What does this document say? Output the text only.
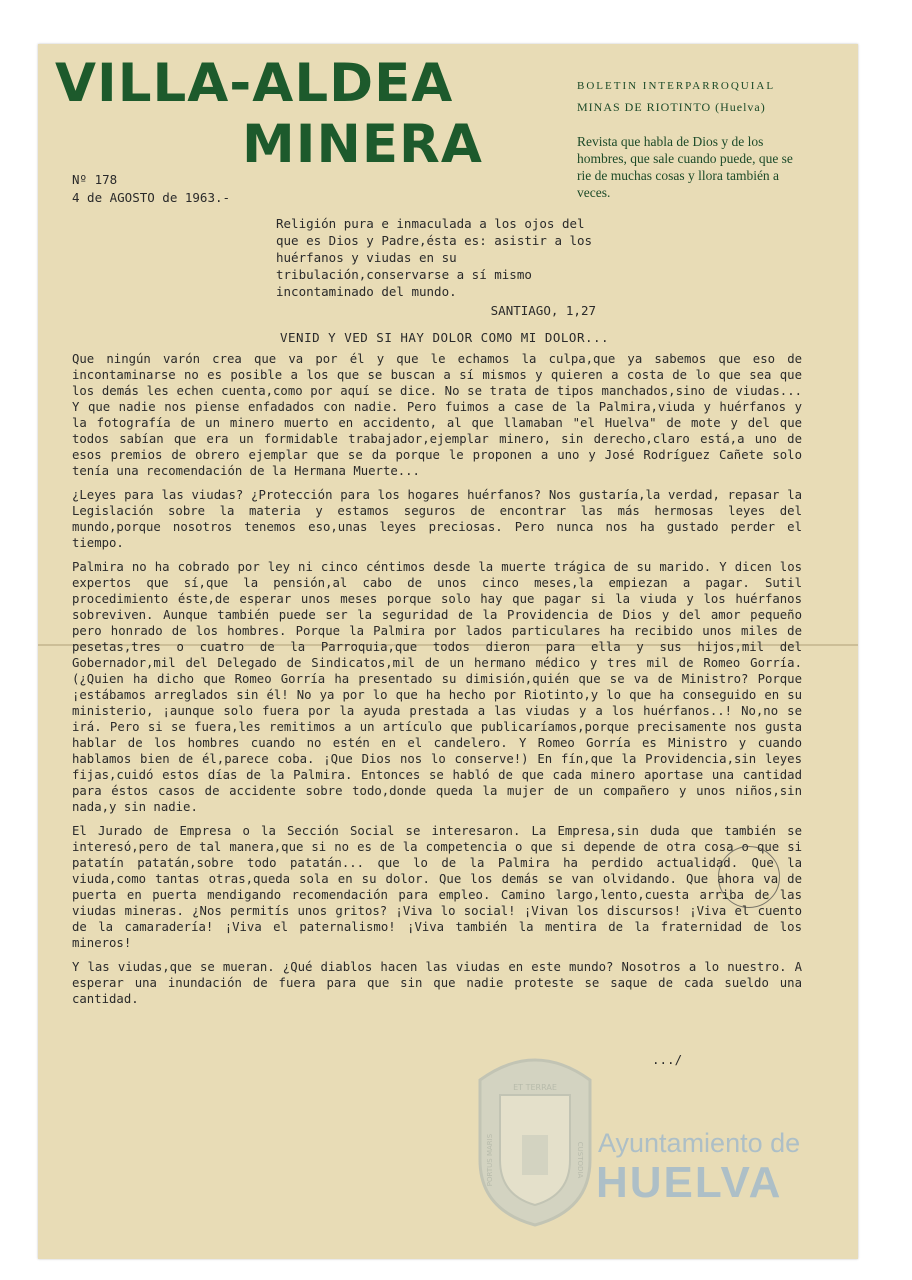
VILLA-ALDEA
MINERA
BOLETIN INTERPARROQUIAL
MINAS DE RIOTINTO (Huelva)
Revista que habla de Dios y de los hombres, que sale cuando puede, que se rie de muchas cosas y llora también a veces.
Nº 178
4 de AGOSTO de 1963.-
Religión pura e inmaculada a los ojos del que es Dios y Padre,ésta es: asistir a los huérfanos y viudas en su tribulación,conservarse a sí mismo incontaminado del mundo.
SANTIAGO, 1,27
VENID Y VED SI HAY DOLOR COMO MI DOLOR...

Que ningún varón crea que va por él y que le echamos la culpa,que ya sabemos que eso de incontaminarse no es posible a los que se buscan a sí mismos y quieren a costa de lo que sea que los demás les echen cuenta,como por aquí se dice. No se trata de tipos manchados,sino de viudas... Y que nadie nos piense enfadados con nadie. Pero fuimos a case de la Palmira,viuda y huérfanos y la fotografía de un minero muerto en accidento, al que llamaban "el Huelva" de mote y del que todos sabían que era un formidable trabajador,ejemplar minero, sin derecho,claro está,a uno de esos premios de obrero ejemplar que se da porque le proponen a uno y José Rodríguez Cañete solo tenía una recomendación de la Hermana Muerte...

¿Leyes para las viudas? ¿Protección para los hogares huérfanos? Nos gustaría,la verdad, repasar la Legislación sobre la materia y estamos seguros de encontrar las más hermosas leyes del mundo,porque nosotros tenemos eso,unas leyes preciosas. Pero nunca nos ha gustado perder el tiempo.

Palmira no ha cobrado por ley ni cinco céntimos desde la muerte trágica de su marido. Y dicen los expertos que sí,que la pensión,al cabo de unos cinco meses,la empiezan a pagar. Sutil procedimiento éste,de esperar unos meses porque solo hay que pagar si la viuda y los huérfanos sobreviven. Aunque también puede ser la seguridad de la Providencia de Dios y del amor pequeño pero honrado de los hombres. Porque la Palmira por lados particulares ha recibido unos miles de pesetas,tres o cuatro de la Parroquia,que todos dieron para ella y sus hijos,mil del Gobernador,mil del Delegado de Sindicatos,mil de un hermano médico y tres mil de Romeo Gorría. (¿Quien ha dicho que Romeo Gorría ha presentado su dimisión,quién que se va de Ministro? Porque ¡estábamos arreglados sin él! No ya por lo que ha hecho por Riotinto,y lo que ha conseguido en su ministerio, ¡aunque solo fuera por la ayuda prestada a las viudas y a los huérfanos..! No,no se irá. Pero si se fuera,les remitimos a un artículo que publicaríamos,porque precisamente nos gusta hablar de los hombres cuando no estén en el candelero. Y Romeo Gorría es Ministro y cuando hablamos bien de él,parece coba. ¡Que Dios nos lo conserve!) En fín,que la Providencia,sin leyes fijas,cuidó estos días de la Palmira. Entonces se habló de que cada minero aportase una cantidad para éstos casos de accidente sobre todo,donde queda la mujer de un compañero y unos niños,sin nada,y sin nadie.

El Jurado de Empresa o la Sección Social se interesaron. La Empresa,sin duda que también se interesó,pero de tal manera,que si no es de la competencia o que si depende de otra cosa o que si patatín patatán,sobre todo patatán... que lo de la Palmira ha perdido actualidad. Que la viuda,como tantas otras,queda sola en su dolor. Que los demás se van olvidando. Que ahora va de puerta en puerta mendigando recomendación para empleo. Camino largo,lento,cuesta arriba de las viudas mineras. ¿Nos permitís unos gritos? ¡Viva lo social! ¡Vivan los discursos! ¡Viva el cuento de la camaradería! ¡Viva el paternalismo! ¡Viva también la mentira de la fraternidad de los mineros!

Y las viudas,que se mueran. ¿Qué diablos hacen las viudas en este mundo? Nosotros a lo nuestro. A esperar una inundación de fuera para que sin que nadie proteste se saque de cada sueldo una cantidad.

.../
ET TERRAE
PORTUS MARIS	CUSTODIA Ayuntamiento de
HUELVA
